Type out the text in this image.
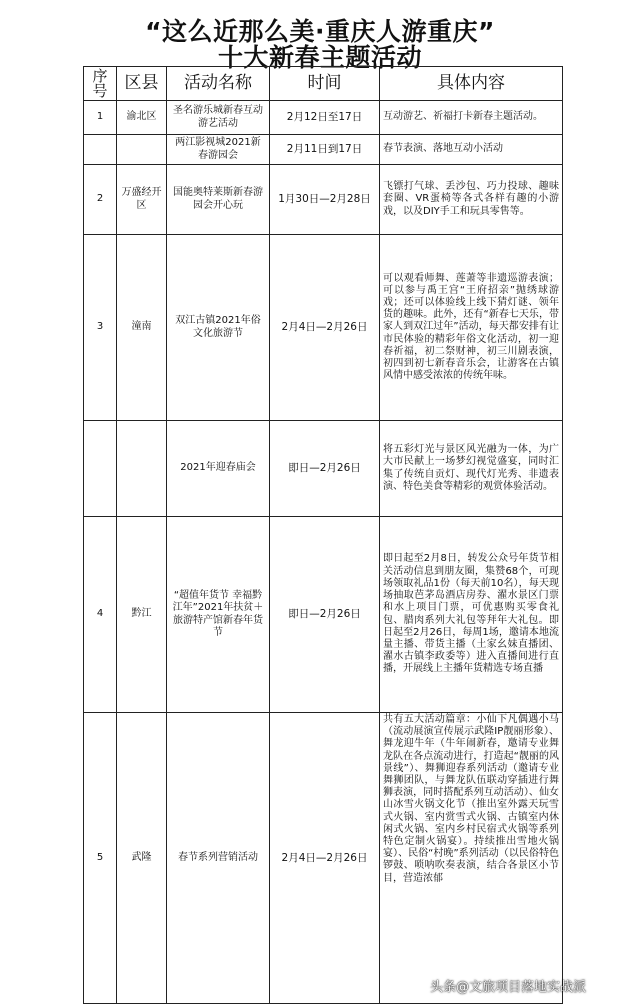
“这么近那么美·重庆人游重庆”
十大新春主题活动
序
号	区县	活动名称	时间	具体内容
1	渝北区	圣名游乐城新春互动游艺活动	2月12日至17日	互动游艺、祈福打卡新春主题活动。
		两江影视城2021新春游园会	2月11日到17日	春节表演、落地互动小活动
2	万盛经开区	国能奥特莱斯新春游园会开心玩	1月30日—2月28日	飞镖打气球、丢沙包、巧力投球、趣味套圈、VR蛋椅等各式各样有趣的小游戏，以及DIY手工和玩具零售等。
3	潼南	双江古镇2021年俗文化旅游节	2月4日—2月26日	可以观看师舞、莲萧等非遗巡游表演；可以参与禹王宫“王府招亲”抛绣球游戏；还可以体验线上线下猜灯谜、领年货的趣味。此外，还有“新春七天乐，带家人到双江过年”活动，每天都安排有让市民体验的精彩年俗文化活动，初一迎春祈福，初二祭财神，初三川剧表演，初四到初七新春音乐会，让游客在古镇风情中感受浓浓的传统年味。
		2021年迎春庙会	即日—2月26日	将五彩灯光与景区风光融为一体，为广大市民献上一场梦幻视觉盛宴，同时汇集了传统自贡灯、现代灯光秀、非遗表演、特色美食等精彩的观赏体验活动。
4	黔江	“超值年货节 幸福黔江年”2021年扶贫＋旅游特产馆新春年货节	即日—2月26日	即日起至2月8日，转发公众号年货节相关活动信息到朋友圈，集赞68个，可现场领取礼品1份（每天前10名），每天现场抽取芭茅岛酒店房券、濯水景区门票和水上项目门票，可优惠购买零食礼包、腊肉系列大礼包等拜年大礼包。即日起至2月26日，每周1场，邀请本地流量主播、带货主播（土家幺妹直播团、濯水古镇李政委等）进入直播间进行直播，开展线上主播年货精选专场直播
5	武隆	春节系列营销活动	2月4日—2月26日	共有五大活动篇章：小仙下凡偶遇小马（流动展演宣传展示武隆IP靓丽形象）、舞龙迎牛年（牛年闹新春，邀请专业舞龙队在各点流动进行，打造起“靓丽的风景线”）、舞狮迎春系列活动（邀请专业舞狮团队，与舞龙队伍联动穿插进行舞狮表演，同时搭配系列互动活动）、仙女山冰雪火锅文化节（推出室外露天玩雪式火锅、室内赏雪式火锅、古镇室内休闲式火锅、室内乡村民宿式火锅等系列特色定制火锅宴）。持续推出雪地火锅宴）、民俗“村晚”系列活动（以民俗特色锣鼓、唢呐吹奏表演，结合各景区小节目，营造浓郁
头条@文旅项目落地实战派
